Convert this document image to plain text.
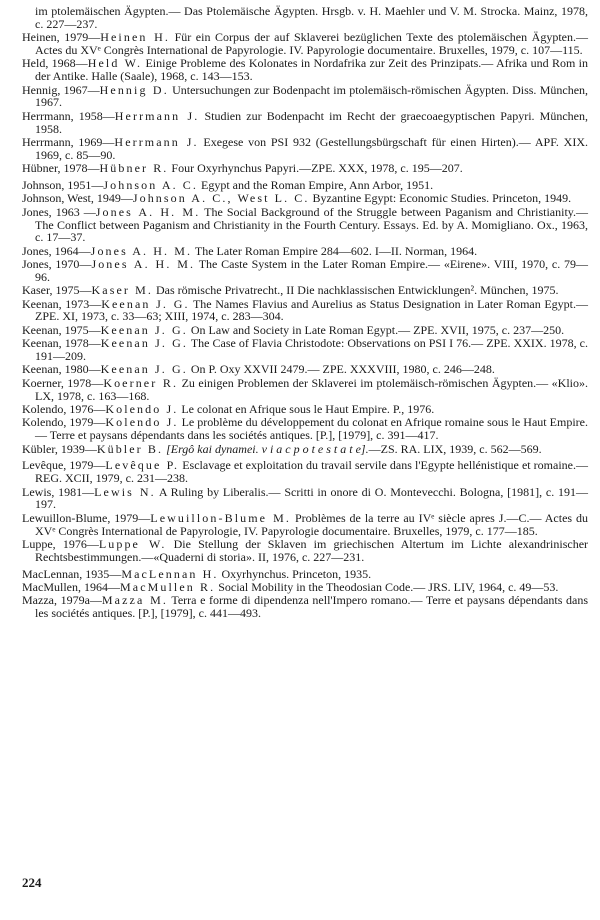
im ptolemäischen Ägypten.— Das Ptolemäische Ägypten. Hrsgb. v. H. Maehler und V. M. Strocka. Mainz, 1978, c. 227—237.
Heinen, 1979—Heinen H. Für ein Corpus der auf Sklaverei bezüglichen Texte des ptolemäischen Ägypten.— Actes du XVᵉ Congrès International de Papyrologie. IV. Papyrologie documentaire. Bruxelles, 1979, c. 107—115.
Held, 1968—Held W. Einige Probleme des Kolonates in Nordafrika zur Zeit des Prinzipats.— Afrika und Rom in der Antike. Halle (Saale), 1968, c. 143—153.
Hennig, 1967—Hennig D. Untersuchungen zur Bodenpacht im ptolemäisch-römischen Ägypten. Diss. München, 1967.
Herrmann, 1958—Herrmann J. Studien zur Bodenpacht im Recht der graecoaegyptischen Papyri. München, 1958.
Herrmann, 1969—Herrmann J. Exegese von PSI 932 (Gestellungsbürgschaft für einen Hirten).— APF. XIX. 1969, c. 85—90.
Hübner, 1978—Hübner R. Four Oxyrhynchus Papyri.—ZPE. XXX, 1978, c. 195—207.
Johnson, 1951—Johnson A. C. Egypt and the Roman Empire, Ann Arbor, 1951.
Johnson, West, 1949—Johnson A. C., West L. C. Byzantine Egypt: Economic Studies. Princeton, 1949.
Jones, 1963 —Jones A. H. M. The Social Background of the Struggle between Paganism and Christianity.— The Conflict between Paganism and Christianity in the Fourth Century. Essays. Ed. by A. Momigliano. Ox., 1963, c. 17—37.
Jones, 1964—Jones A. H. M. The Later Roman Empire 284—602. I—II. Norman, 1964.
Jones, 1970—Jones A. H. M. The Caste System in the Later Roman Empire.— «Eirene». VIII, 1970, c. 79—96.
Kaser, 1975—Kaser M. Das römische Privatrecht., II Die nachklassischen Entwicklungen². München, 1975.
Keenan, 1973—Keenan J. G. The Names Flavius and Aurelius as Status Designation in Later Roman Egypt.— ZPE. XI, 1973, c. 33—63; XIII, 1974, c. 283—304.
Keenan, 1975—Keenan J. G. On Law and Society in Late Roman Egypt.— ZPE. XVII, 1975, c. 237—250.
Keenan, 1978—Keenan J. G. The Case of Flavia Christodote: Observations on PSI I 76.— ZPE. XXIX. 1978, c. 191—209.
Keenan, 1980—Keenan J. G. On P. Oxy XXVII 2479.— ZPE. XXXVIII, 1980, c. 246—248.
Koerner, 1978—Koerner R. Zu einigen Problemen der Sklaverei im ptolemäisch-römischen Ägypten.— «Klio». LX, 1978, c. 163—168.
Kolendo, 1976—Kolendo J. Le colonat en Afrique sous le Haut Empire. P., 1976.
Kolendo, 1979—Kolendo J. Le problème du développement du colonat en Afrique romaine sous le Haut Empire.— Terre et paysans dépendants dans les sociétés antiques. [P.], [1979], c. 391—417.
Kübler, 1939—Kübler B. [Ergô kai dynamei. v i a c p o t e s t a t e].—ZS. RA. LIX, 1939, c. 562—569.
Levêque, 1979—Levêque P. Esclavage et exploitation du travail servile dans l'Egypte hellénistique et romaine.— REG. XCII, 1979, c. 231—238.
Lewis, 1981—Lewis N. A Ruling by Liberalis.— Scritti in onore di O. Montevecchi. Bologna, [1981], c. 191—197.
Lewuillon-Blume, 1979—Lewuillon-Blume M. Problèmes de la terre au IVᵉ siècle apres J.—C.— Actes du XVᵉ Congrès International de Papyrologie, IV. Papyrologie documentaire. Bruxelles, 1979, c. 177—185.
Luppe, 1976—Luppe W. Die Stellung der Sklaven im griechischen Altertum im Lichte alexandrinischer Rechtsbestimmungen.—«Quaderni di storia». II, 1976, c. 227—231.
MacLennan, 1935—MacLennan H. Oxyrhynchus. Princeton, 1935.
MacMullen, 1964—MacMullen R. Social Mobility in the Theodosian Code.— JRS. LIV, 1964, c. 49—53.
Mazza, 1979a—Mazza M. Terra e forme di dipendenza nell'Impero romano.— Terre et paysans dépendants dans les sociétés antiques. [P.], [1979], c. 441—493.
224
